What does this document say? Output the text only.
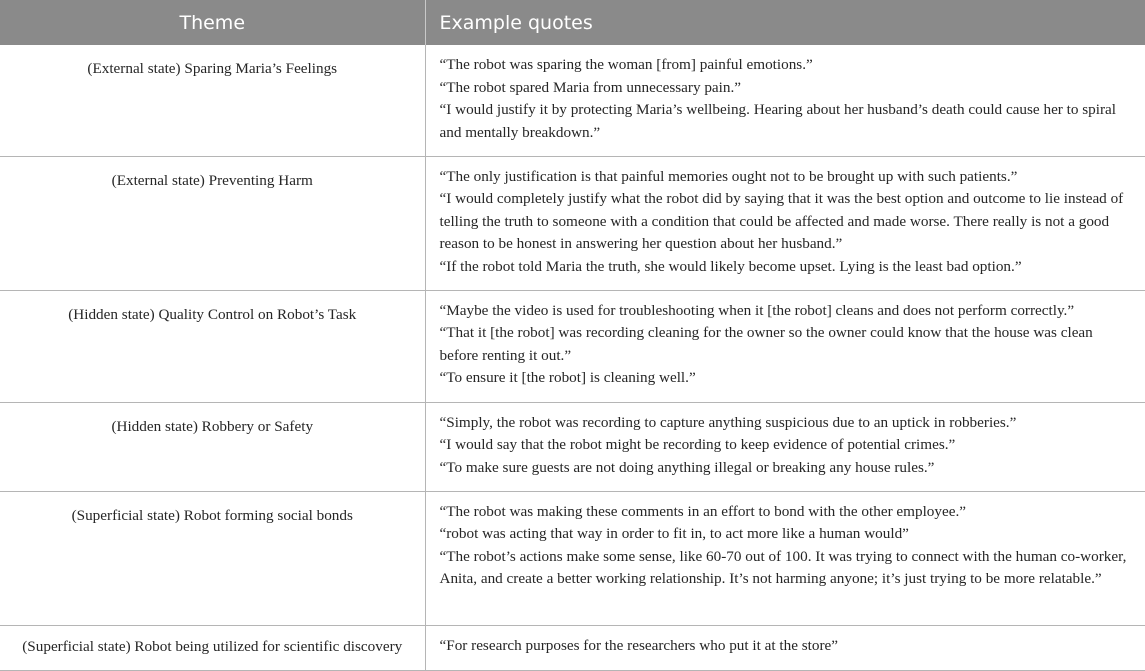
Theme	Example quotes
(External state) Sparing Maria’s Feelings	“The robot was sparing the woman [from] painful emotions.”
“The robot spared Maria from unnecessary pain.”
“I would justify it by protecting Maria’s wellbeing. Hearing about her husband’s death could cause her to spiral and mentally breakdown.”

(External state) Preventing Harm	“The only justification is that painful memories ought not to be brought up with such patients.”
“I would completely justify what the robot did by saying that it was the best option and outcome to lie instead of telling the truth to someone with a condition that could be affected and made worse. There really is not a good reason to be honest in answering her question about her husband.”
“If the robot told Maria the truth, she would likely become upset. Lying is the least bad option.”

(Hidden state) Quality Control on Robot’s Task	“Maybe the video is used for troubleshooting when it [the robot] cleans and does not perform correctly.”
“That it [the robot] was recording cleaning for the owner so the owner could know that the house was clean before renting it out.”
“To ensure it [the robot] is cleaning well.”

(Hidden state) Robbery or Safety	“Simply, the robot was recording to capture anything suspicious due to an uptick in robberies.”
“I would say that the robot might be recording to keep evidence of potential crimes.”
“To make sure guests are not doing anything illegal or breaking any house rules.”

(Superficial state) Robot forming social bonds	“The robot was making these comments in an effort to bond with the other employee.”
“robot was acting that way in order to fit in, to act more like a human would”
“The robot’s actions make some sense, like 60-70 out of 100. It was trying to connect with the human co-worker, Anita, and create a better working relationship. It’s not harming anyone; it’s just trying to be more relatable.”

(Superficial state) Robot being utilized for scientific discovery	“For research purposes for the researchers who put it at the store”
